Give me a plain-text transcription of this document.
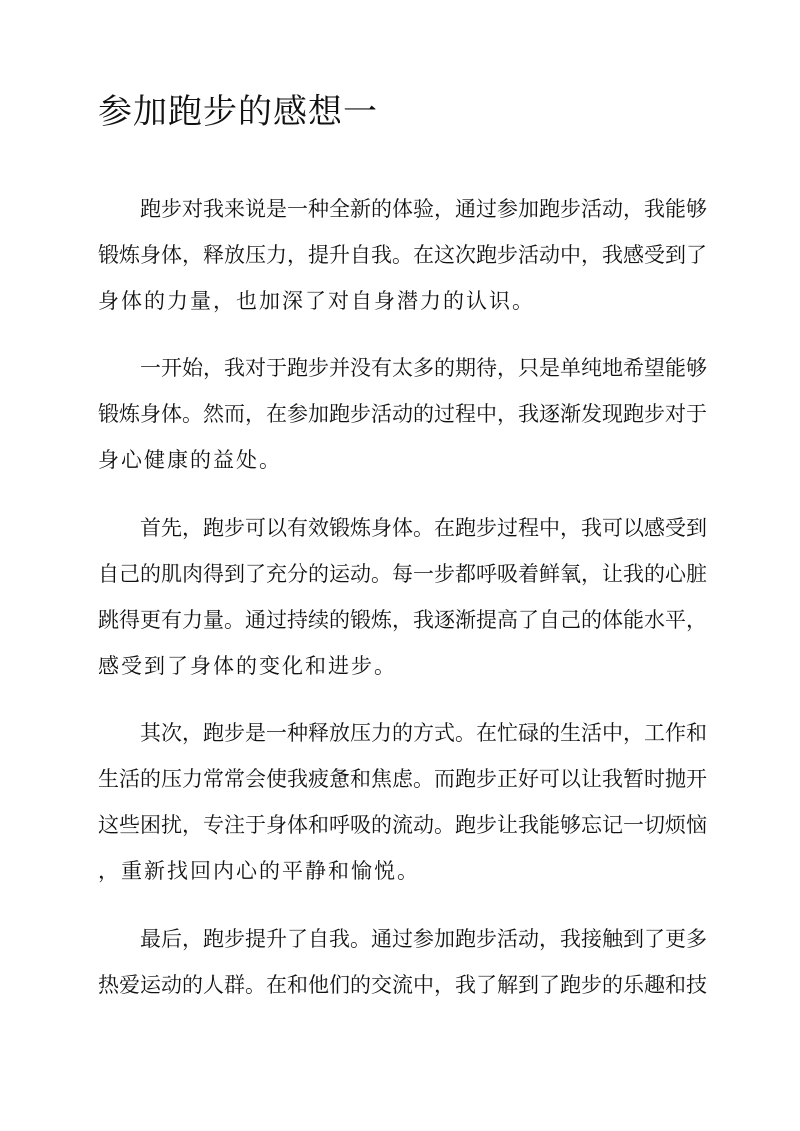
参加跑步的感想一
跑步对我来说是一种全新的体验，通过参加跑步活动，我能够
锻炼身体，释放压力，提升自我。在这次跑步活动中，我感受到了
身体的力量，也加深了对自身潜力的认识。
一开始，我对于跑步并没有太多的期待，只是单纯地希望能够
锻炼身体。然而，在参加跑步活动的过程中，我逐渐发现跑步对于
身心健康的益处。
首先，跑步可以有效锻炼身体。在跑步过程中，我可以感受到
自己的肌肉得到了充分的运动。每一步都呼吸着鲜氧，让我的心脏
跳得更有力量。通过持续的锻炼，我逐渐提高了自己的体能水平，
感受到了身体的变化和进步。
其次，跑步是一种释放压力的方式。在忙碌的生活中，工作和
生活的压力常常会使我疲惫和焦虑。而跑步正好可以让我暂时抛开
这些困扰，专注于身体和呼吸的流动。跑步让我能够忘记一切烦恼
，重新找回内心的平静和愉悦。
最后，跑步提升了自我。通过参加跑步活动，我接触到了更多
热爱运动的人群。在和他们的交流中，我了解到了跑步的乐趣和技
